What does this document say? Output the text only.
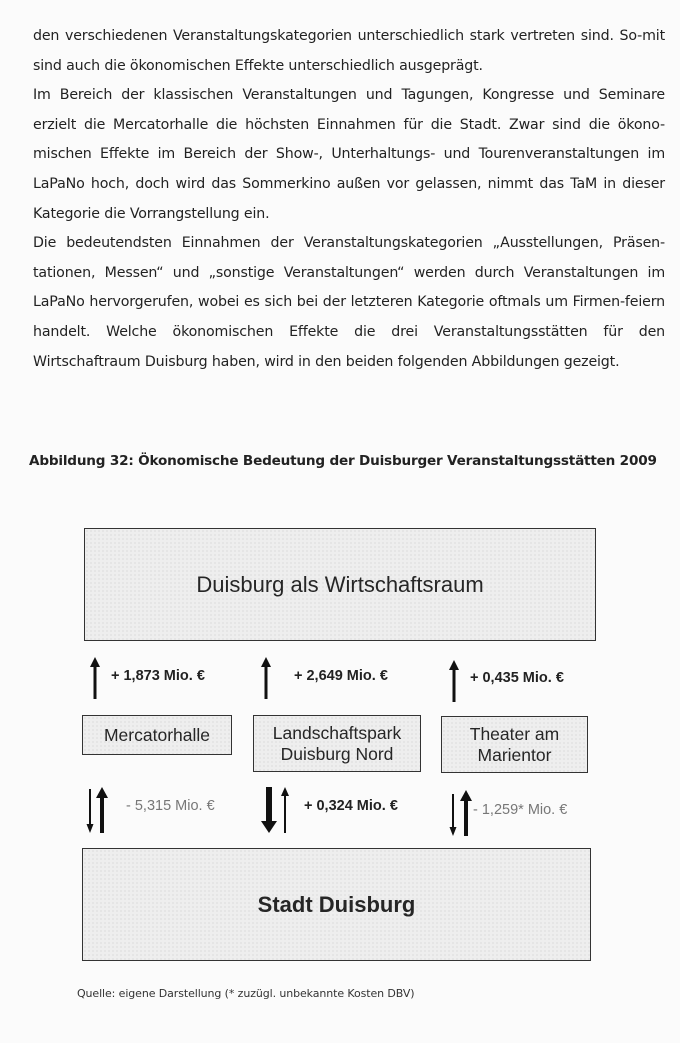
den verschiedenen Veranstaltungskategorien unterschiedlich stark vertreten sind. So-mit sind auch die ökonomischen Effekte unterschiedlich ausgeprägt.

Im Bereich der klassischen Veranstaltungen und Tagungen, Kongresse und Seminare erzielt die Mercatorhalle die höchsten Einnahmen für die Stadt. Zwar sind die ökono-mischen Effekte im Bereich der Show-, Unterhaltungs- und Tourenveranstaltungen im LaPaNo hoch, doch wird das Sommerkino außen vor gelassen, nimmt das TaM in dieser Kategorie die Vorrangstellung ein.

Die bedeutendsten Einnahmen der Veranstaltungskategorien „Ausstellungen, Präsen-tationen, Messen“ und „sonstige Veranstaltungen“ werden durch Veranstaltungen im LaPaNo hervorgerufen, wobei es sich bei der letzteren Kategorie oftmals um Firmen-feiern handelt. Welche ökonomischen Effekte die drei Veranstaltungsstätten für den Wirtschaftraum Duisburg haben, wird in den beiden folgenden Abbildungen gezeigt.

Abbildung 32: Ökonomische Bedeutung der Duisburger Veranstaltungsstätten 2009
Duisburg als Wirtschaftsraum
+ 1,873 Mio. €	+ 2,649 Mio. €	+ 0,435 Mio. €
Mercatorhalle	Landschaftspark
Duisburg Nord
Theater am
Marientor
- 5,315 Mio. €	+ 0,324 Mio. €	- 1,259* Mio. €
Stadt Duisburg
Quelle: eigene Darstellung (* zuzügl. unbekannte Kosten DBV)
